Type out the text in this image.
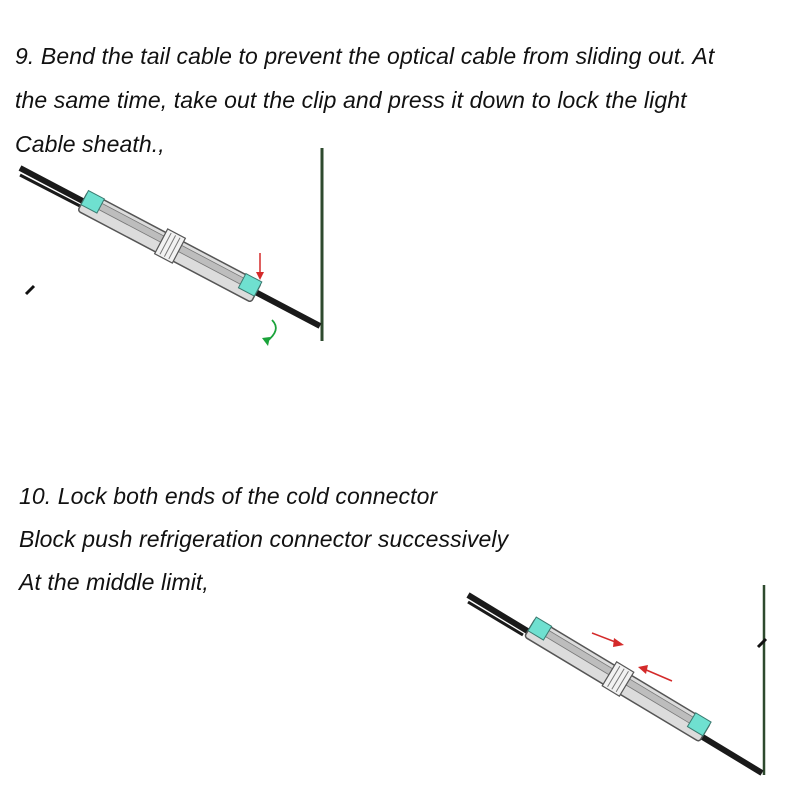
9. Bend the tail cable to prevent the optical cable from sliding out. At
the same time, take out the clip and press it down to lock the light
Cable sheath.,
10. Lock both ends of the cold connector
Block push refrigeration connector successively
At the middle limit,
